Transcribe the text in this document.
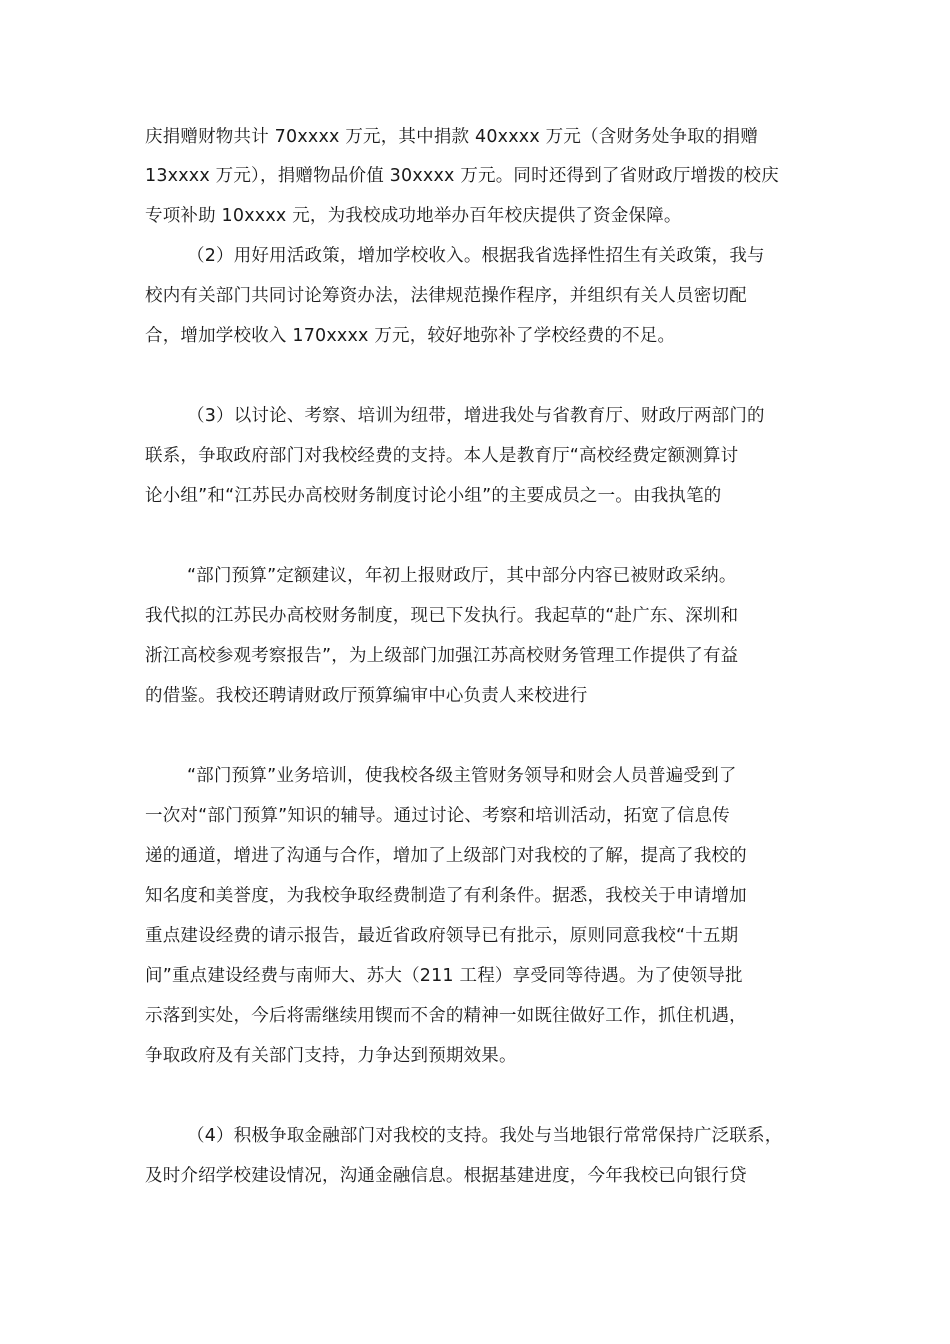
庆捐赠财物共计 70xxxx 万元，其中捐款 40xxxx 万元（含财务处争取的捐赠
13xxxx 万元），捐赠物品价值 30xxxx 万元。同时还得到了省财政厅增拨的校庆
专项补助 10xxxx 元，为我校成功地举办百年校庆提供了资金保障。
（2）用好用活政策，增加学校收入。根据我省选择性招生有关政策，我与
校内有关部门共同讨论筹资办法，法律规范操作程序，并组织有关人员密切配
合，增加学校收入 170xxxx 万元，较好地弥补了学校经费的不足。
（3）以讨论、考察、培训为纽带，增进我处与省教育厅、财政厅两部门的
联系，争取政府部门对我校经费的支持。本人是教育厅“高校经费定额测算讨
论小组”和“江苏民办高校财务制度讨论小组”的主要成员之一。由我执笔的
“部门预算”定额建议，年初上报财政厅，其中部分内容已被财政采纳。
我代拟的江苏民办高校财务制度，现已下发执行。我起草的“赴广东、深圳和
浙江高校参观考察报告”，为上级部门加强江苏高校财务管理工作提供了有益
的借鉴。我校还聘请财政厅预算编审中心负责人来校进行
“部门预算”业务培训，使我校各级主管财务领导和财会人员普遍受到了
一次对“部门预算”知识的辅导。通过讨论、考察和培训活动，拓宽了信息传
递的通道，增进了沟通与合作，增加了上级部门对我校的了解，提高了我校的
知名度和美誉度，为我校争取经费制造了有利条件。据悉，我校关于申请增加
重点建设经费的请示报告，最近省政府领导已有批示，原则同意我校“十五期
间”重点建设经费与南师大、苏大（211 工程）享受同等待遇。为了使领导批
示落到实处，今后将需继续用锲而不舍的精神一如既往做好工作，抓住机遇，
争取政府及有关部门支持，力争达到预期效果。
（4）积极争取金融部门对我校的支持。我处与当地银行常常保持广泛联系，
及时介绍学校建设情况，沟通金融信息。根据基建进度，今年我校已向银行贷
